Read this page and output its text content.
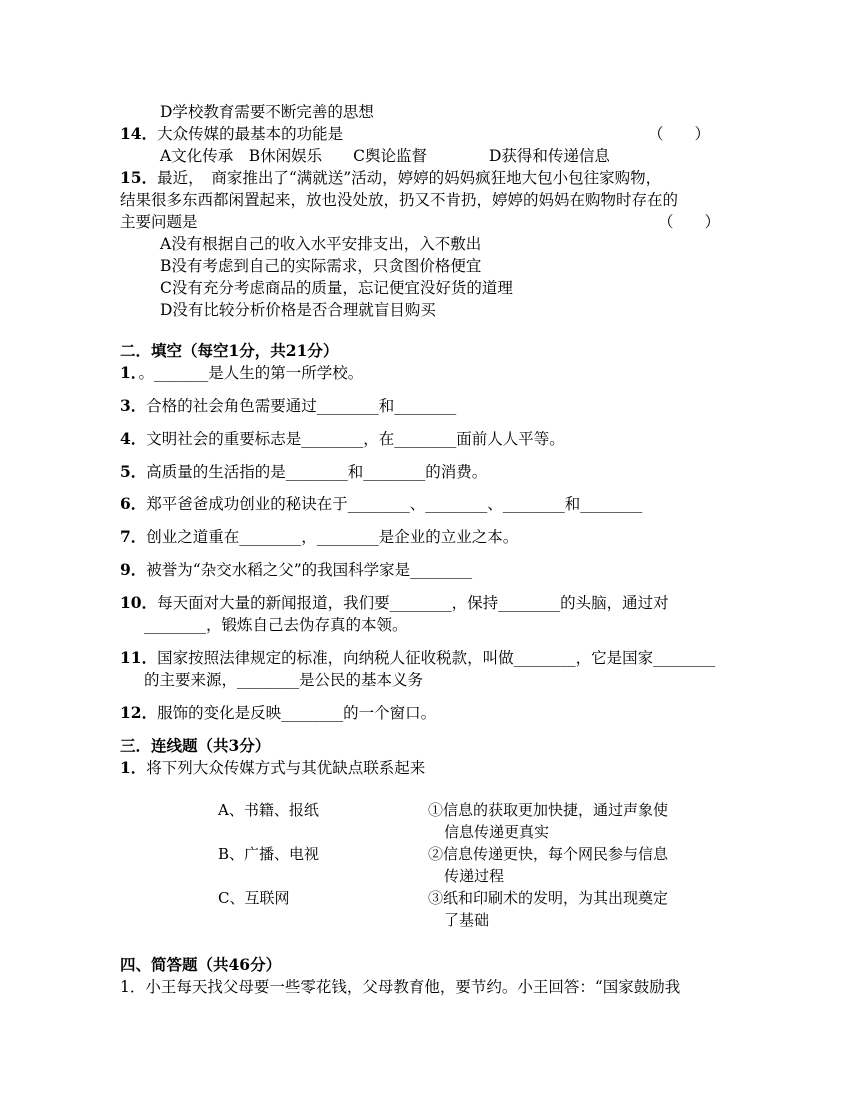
D学校教育需要不断完善的思想
14．大众传媒的最基本的功能是	（　　）
A文化传承　B休闲娱乐　　C舆论监督　　　　D获得和传递信息
15．最近，　商家推出了“满就送”活动，婷婷的妈妈疯狂地大包小包往家购物，
结果很多东西都闲置起来，放也没处放，扔又不肯扔，婷婷的妈妈在购物时存在的
主要问题是	（　　）
A没有根据自己的收入水平安排支出，入不敷出
B没有考虑到自己的实际需求，只贪图价格便宜
C没有充分考虑商品的质量，忘记便宜没好货的道理
D没有比较分析价格是否合理就盲目购买
二．填空（每空1分，共21分）
1．。_______是人生的第一所学校。
3．合格的社会角色需要通过________和________
4．文明社会的重要标志是________，在________面前人人平等。
5．高质量的生活指的是________和________的消费。
6．郑平爸爸成功创业的秘诀在于________、________、________和________
7．创业之道重在________，________是企业的立业之本。
9．被誉为“杂交水稻之父”的我国科学家是________
10．每天面对大量的新闻报道，我们要________，保持________的头脑，通过对
________，锻炼自己去伪存真的本领。
11．国家按照法律规定的标准，向纳税人征收税款，叫做________，它是国家________
的主要来源，________是公民的基本义务
12．服饰的变化是反映________的一个窗口。
三．连线题（共3分）
1．将下列大众传媒方式与其优缺点联系起来
A、书籍、报纸
B、广播、电视
C、互联网
①信息的获取更加快捷，通过声象使
信息传递更真实
②信息传递更快，每个网民参与信息
传递过程
③纸和印刷术的发明，为其出现奠定
了基础
四、简答题（共46分）
1．小王每天找父母要一些零花钱，父母教育他，要节约。小王回答：“国家鼓励我
